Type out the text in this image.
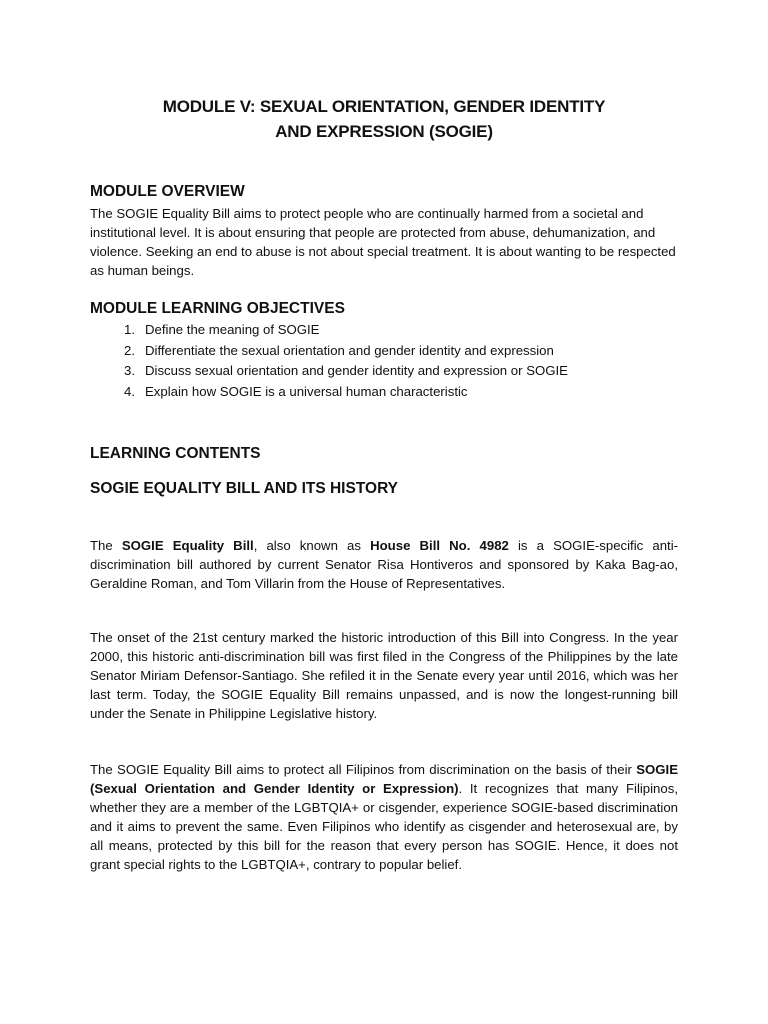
MODULE V: SEXUAL ORIENTATION, GENDER IDENTITY
AND EXPRESSION (SOGIE)
MODULE OVERVIEW

The SOGIE Equality Bill aims to protect people who are continually harmed from a societal and institutional level. It is about ensuring that people are protected from abuse, dehumanization, and violence. Seeking an end to abuse is not about special treatment. It is about wanting to be respected as human beings.

MODULE LEARNING OBJECTIVES
1. Define the meaning of SOGIE
2. Differentiate the sexual orientation and gender identity and expression
3. Discuss sexual orientation and gender identity and expression or SOGIE
4. Explain how SOGIE is a universal human characteristic
LEARNING CONTENTS
SOGIE EQUALITY BILL AND ITS HISTORY

The SOGIE Equality Bill, also known as House Bill No. 4982 is a SOGIE-specific anti-discrimination bill authored by current Senator Risa Hontiveros and sponsored by Kaka Bag-ao, Geraldine Roman, and Tom Villarin from the House of Representatives.

The onset of the 21st century marked the historic introduction of this Bill into Congress. In the year 2000, this historic anti-discrimination bill was first filed in the Congress of the Philippines by the late Senator Miriam Defensor-Santiago. She refiled it in the Senate every year until 2016, which was her last term. Today, the SOGIE Equality Bill remains unpassed, and is now the longest-running bill under the Senate in Philippine Legislative history.

The SOGIE Equality Bill aims to protect all Filipinos from discrimination on the basis of their SOGIE (Sexual Orientation and Gender Identity or Expression). It recognizes that many Filipinos, whether they are a member of the LGBTQIA+ or cisgender, experience SOGIE-based discrimination and it aims to prevent the same. Even Filipinos who identify as cisgender and heterosexual are, by all means, protected by this bill for the reason that every person has SOGIE. Hence, it does not grant special rights to the LGBTQIA+, contrary to popular belief.
